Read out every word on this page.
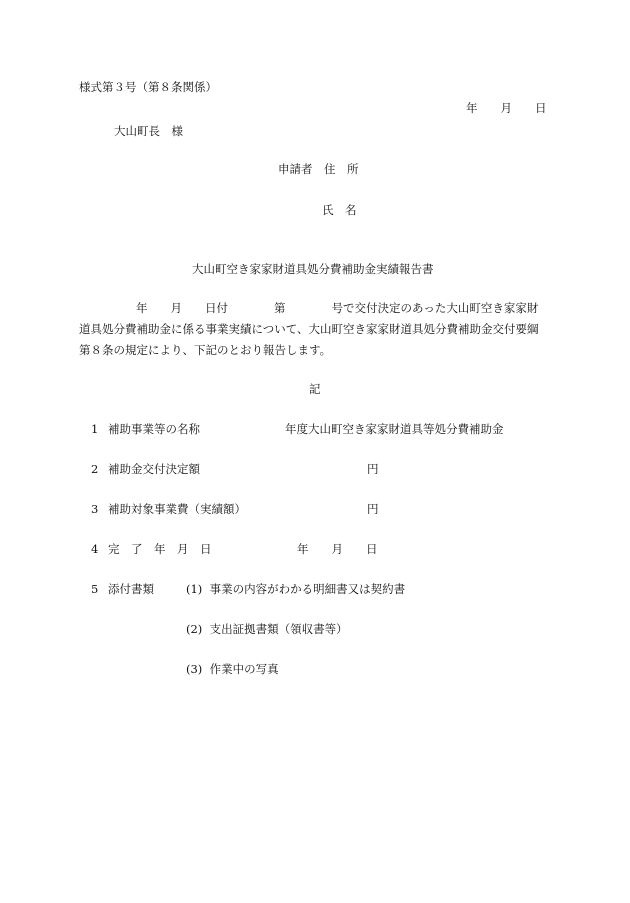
様式第３号（第８条関係）
年　　月　　日
大山町長　様
申請者　住　所
氏　名
大山町空き家家財道具処分費補助金実績報告書
年　　月　　日付　　　　第　　　　号で交付決定のあった大山町空き家家財
道具処分費補助金に係る事業実績について、大山町空き家家財道具処分費補助金交付要綱
第８条の規定により、下記のとおり報告します。
記
1 補助事業等の名称	年度大山町空き家家財道具等処分費補助金
2 補助金交付決定額	円
3 補助対象事業費（実績額）	円
4 完　了　年　月　日	年　　月　　日
5 添付書類	(1)  事業の内容がわかる明細書又は契約書
(2)  支出証拠書類（領収書等）
(3)  作業中の写真
